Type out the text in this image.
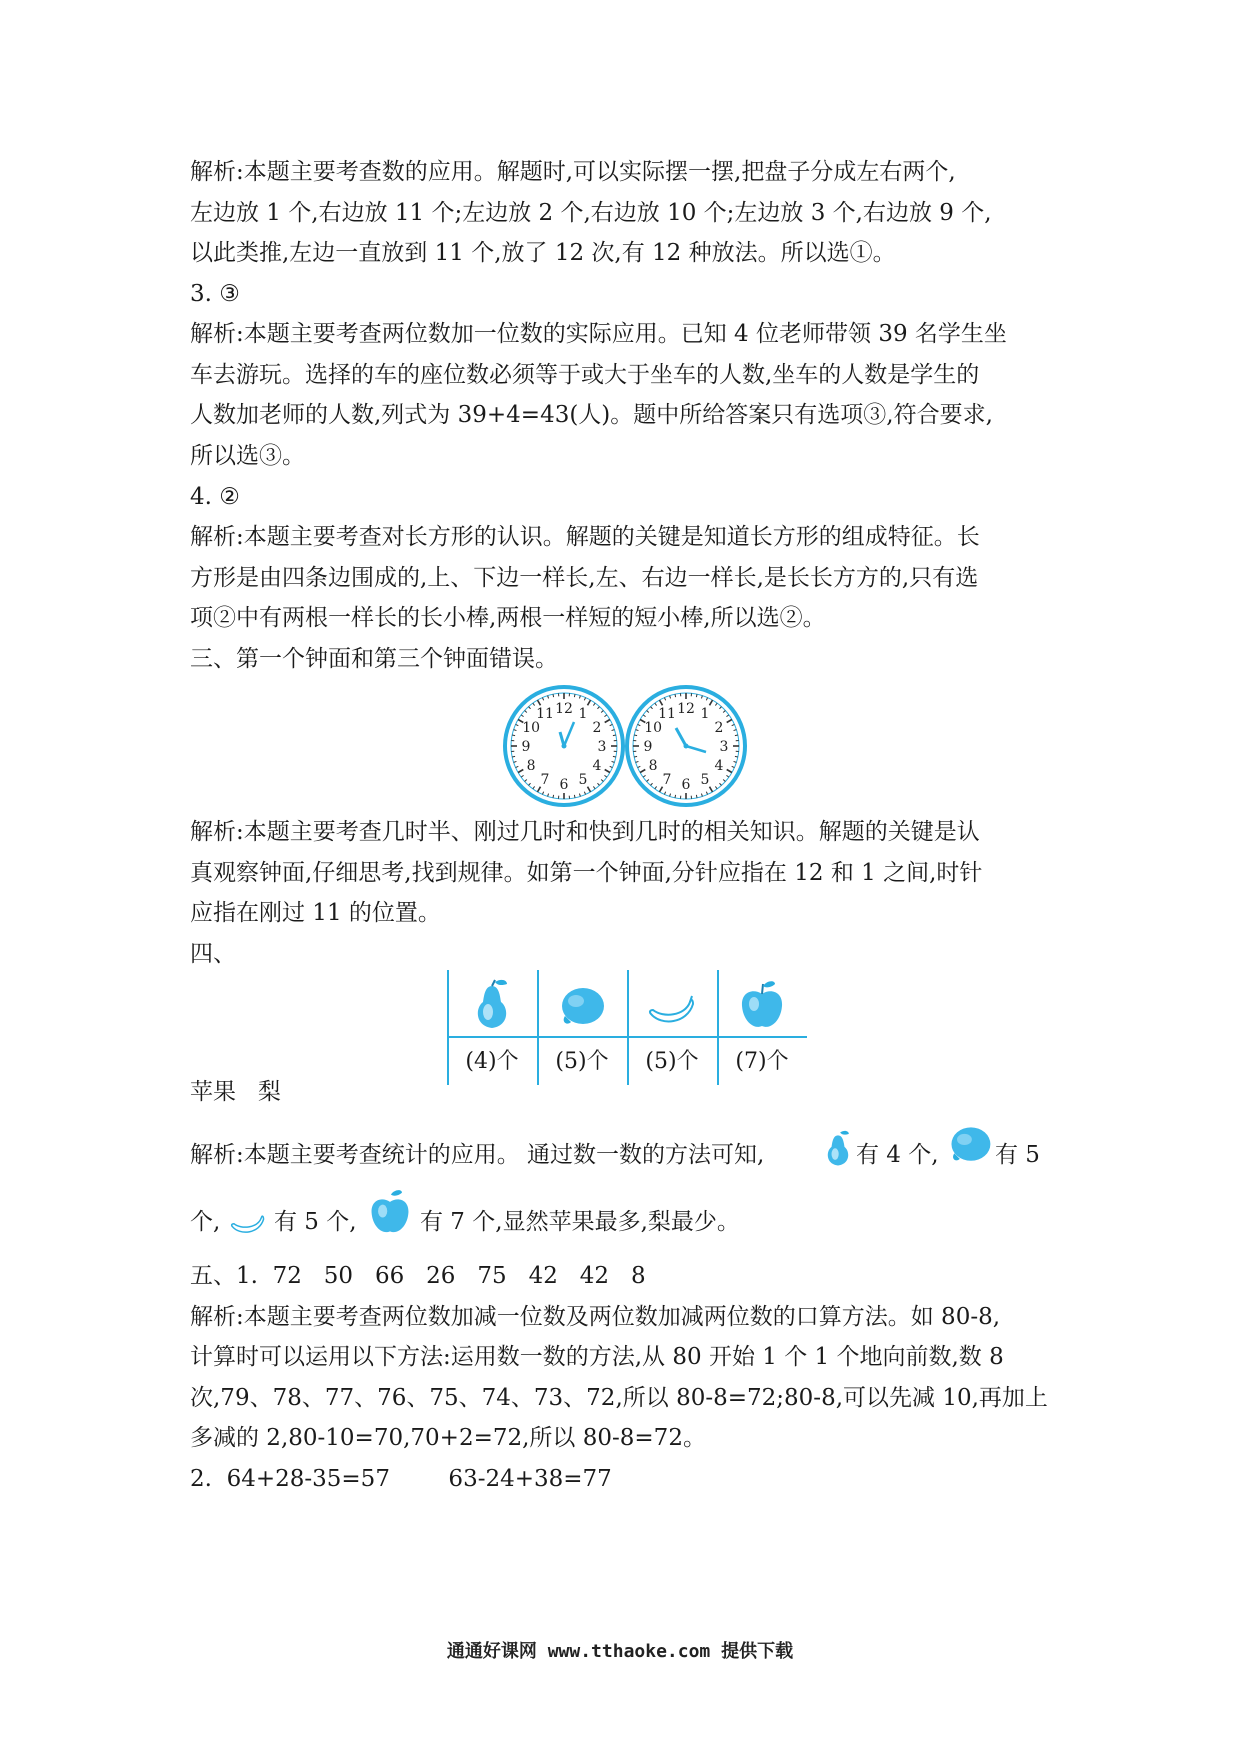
解析:本题主要考查数的应用。解题时,可以实际摆一摆,把盘子分成左右两个,
左边放 1 个,右边放 11 个;左边放 2 个,右边放 10 个;左边放 3 个,右边放 9 个,
以此类推,左边一直放到 11 个,放了 12 次,有 12 种放法。所以选①。
3. ③
解析:本题主要考查两位数加一位数的实际应用。已知 4 位老师带领 39 名学生坐
车去游玩。选择的车的座位数必须等于或大于坐车的人数,坐车的人数是学生的
人数加老师的人数,列式为 39+4=43(人)。题中所给答案只有选项③,符合要求,
所以选③。
4. ②
解析:本题主要考查对长方形的认识。解题的关键是知道长方形的组成特征。长
方形是由四条边围成的,上、下边一样长,左、右边一样长,是长长方方的,只有选
项②中有两根一样长的长小棒,两根一样短的短小棒,所以选②。
三、第一个钟面和第三个钟面错误。
12 1
2
3
4
5
6
7
8
9
10
11	12 1
2
3
4
5
6
7
8
9
10
11
解析:本题主要考查几时半、刚过几时和快到几时的相关知识。解题的关键是认
真观察钟面,仔细思考,找到规律。如第一个钟面,分针应指在 12 和 1 之间,时针
应指在刚过 11 的位置。
四、
(4)个	(5)个	(5)个	(7)个
苹果   梨
解析:本题主要考查统计的应用。 通过数一数的方法可知,	有 4 个, 有 5
个, 有 5 个,	有 7 个,显然苹果最多,梨最少。
五、1.  72   50   66   26   75   42   42   8
解析:本题主要考查两位数加减一位数及两位数加减两位数的口算方法。如 80-8,
计算时可以运用以下方法:运用数一数的方法,从 80 开始 1 个 1 个地向前数,数 8
次,79、78、77、76、75、74、73、72,所以 80-8=72;80-8,可以先减 10,再加上
多减的 2,80-10=70,70+2=72,所以 80-8=72。
2.  64+28-35=57        63-24+38=77
通通好课网 www.tthaoke.com 提供下载
